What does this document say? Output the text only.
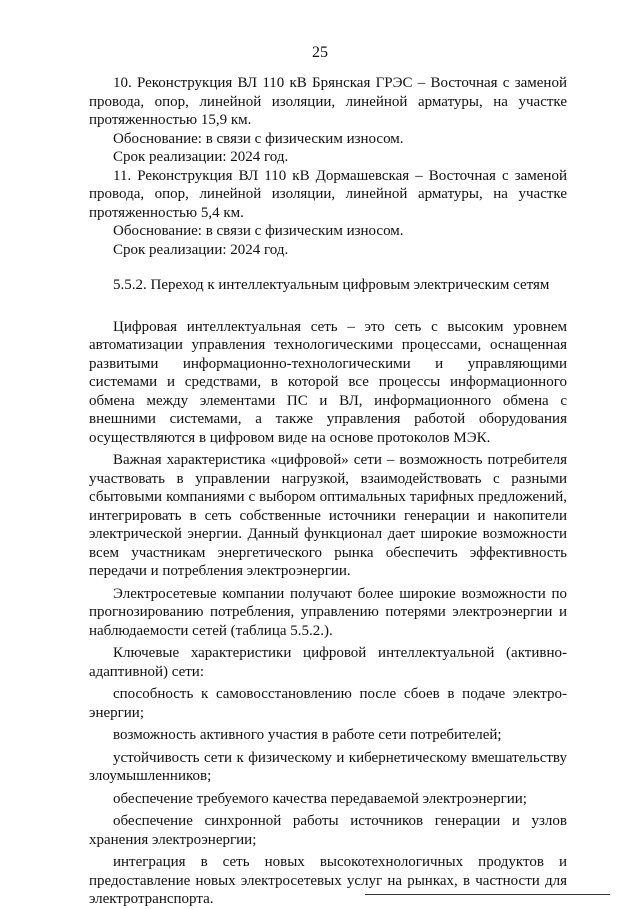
25

10. Реконструкция ВЛ 110 кВ Брянская ГРЭС – Восточная с заменой провода, опор, линейной изоляции, линейной арматуры, на участке протяженностью 15,9 км.

Обоснование: в связи с физическим износом.

Срок реализации: 2024 год.

11. Реконструкция ВЛ 110 кВ Дормашевская – Восточная с заменой провода, опор, линейной изоляции, линейной арматуры, на участке протяженностью 5,4 км.

Обоснование: в связи с физическим износом.

Срок реализации: 2024 год.

5.5.2. Переход к интеллектуальным цифровым электрическим сетям

Цифровая интеллектуальная сеть – это сеть с высоким уровнем автоматизации управления технологическими процессами, оснащенная развитыми информационно-технологическими и управляющими системами и средствами, в которой все процессы информационного обмена между элементами ПС и ВЛ, информационного обмена с внешними системами, а также управления работой оборудования осуществляются в цифровом виде на основе протоколов МЭК.

Важная характеристика «цифровой» сети – возможность потребителя участвовать в управлении нагрузкой, взаимодействовать с разными сбытовыми компаниями с выбором оптимальных тарифных предложений, интегрировать в сеть собственные источники генерации и накопители электрической энергии. Данный функционал дает широкие возможности всем участникам энергетического рынка обеспечить эффективность передачи и потребления электроэнергии.

Электросетевые компании получают более широкие возможности по прогнозированию потребления, управлению потерями электроэнергии и наблюдаемости сетей (таблица 5.5.2.).

Ключевые характеристики цифровой интеллектуальной (активно-адаптивной) сети:

способность к самовосстановлению после сбоев в подаче электроэнергии;

возможность активного участия в работе сети потребителей;

устойчивость сети к физическому и кибернетическому вмешательству злоумышленников;

обеспечение требуемого качества передаваемой электроэнергии;

обеспечение синхронной работы источников генерации и узлов хранения электроэнергии;

интеграция в сеть новых высокотехнологичных продуктов и предоставление новых электросетевых услуг на рынках, в частности для электротранспорта.
